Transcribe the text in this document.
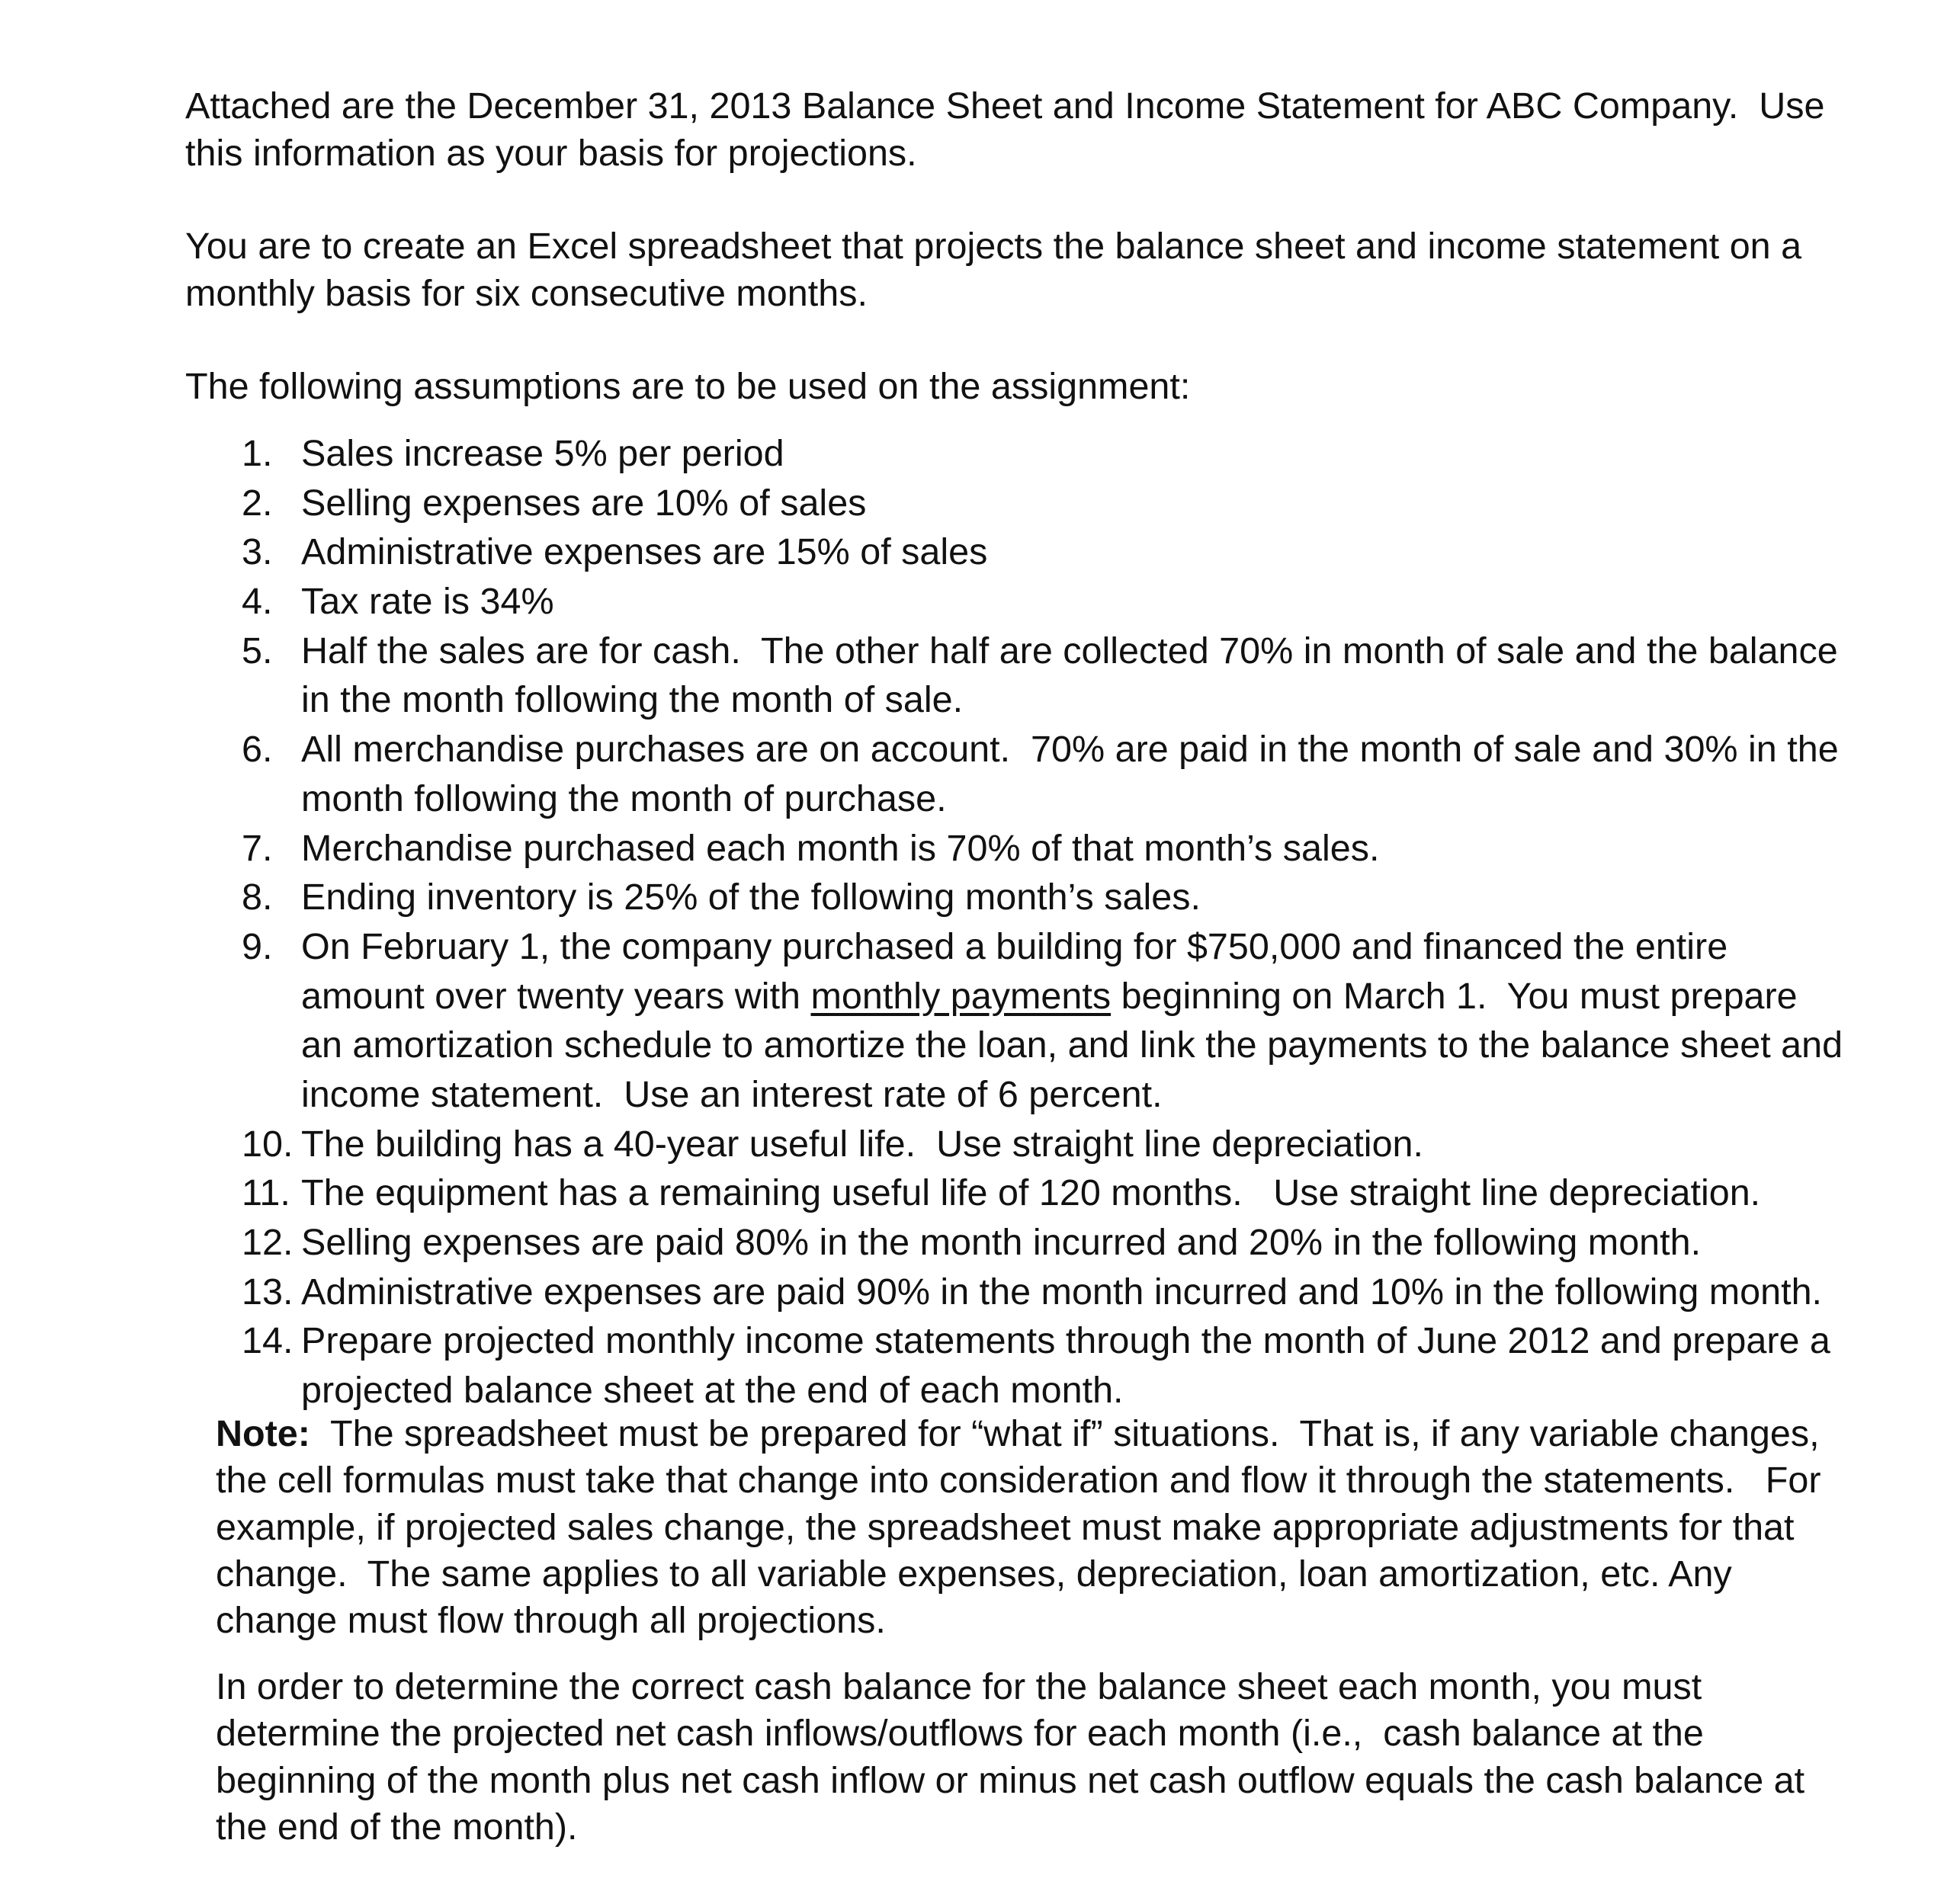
Attached are the December 31, 2013 Balance Sheet and Income Statement for ABC Company.  Use
this information as your basis for projections.
You are to create an Excel spreadsheet that projects the balance sheet and income statement on a
monthly basis for six consecutive months.
The following assumptions are to be used on the assignment:
1. Sales increase 5% per period
2. Selling expenses are 10% of sales
3. Administrative expenses are 15% of sales
4. Tax rate is 34%
5. Half the sales are for cash.  The other half are collected 70% in month of sale and the balance
in the month following the month of sale.
6. All merchandise purchases are on account.  70% are paid in the month of sale and 30% in the
month following the month of purchase.
7. Merchandise purchased each month is 70% of that month’s sales.
8. Ending inventory is 25% of the following month’s sales.
9. On February 1, the company purchased a building for $750,000 and financed the entire
amount over twenty years with monthly payments beginning on March 1.  You must prepare
an amortization schedule to amortize the loan, and link the payments to the balance sheet and
income statement.  Use an interest rate of 6 percent.
10. The building has a 40-year useful life.  Use straight line depreciation.
11. The equipment has a remaining useful life of 120 months.   Use straight line depreciation.
12. Selling expenses are paid 80% in the month incurred and 20% in the following month.
13. Administrative expenses are paid 90% in the month incurred and 10% in the following month.
14. Prepare projected monthly income statements through the month of June 2012 and prepare a
projected balance sheet at the end of each month.
Note:  The spreadsheet must be prepared for “what if” situations.  That is, if any variable changes,
the cell formulas must take that change into consideration and flow it through the statements.   For
example, if projected sales change, the spreadsheet must make appropriate adjustments for that
change.  The same applies to all variable expenses, depreciation, loan amortization, etc. Any
change must flow through all projections.
In order to determine the correct cash balance for the balance sheet each month, you must
determine the projected net cash inflows/outflows for each month (i.e.,  cash balance at the
beginning of the month plus net cash inflow or minus net cash outflow equals the cash balance at
the end of the month).
